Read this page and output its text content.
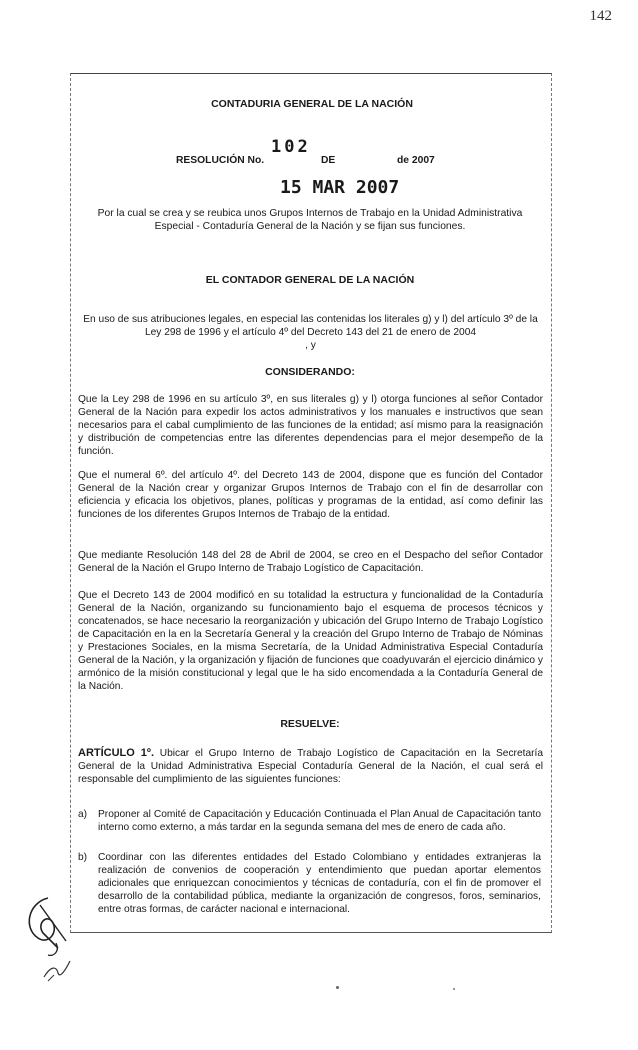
142
CONTADURIA GENERAL DE LA NACIÓN
102
RESOLUCIÓN No.	DE	de 2007
15 MAR 2007
Por la cual se crea y se reubica unos Grupos Internos de Trabajo en la Unidad Administrativa Especial - Contaduría General de la Nación y se fijan sus funciones.
EL CONTADOR GENERAL DE LA NACIÓN
En uso de sus atribuciones legales, en especial las contenidas los literales g) y l) del artículo 3º de la Ley 298 de 1996 y el artículo 4º del Decreto 143 del 21 de enero de 2004
, y
CONSIDERANDO:
Que la Ley 298 de 1996 en su artículo 3º, en sus literales g) y l) otorga funciones al señor Contador General de la Nación para expedir los actos administrativos y los manuales e instructivos que sean necesarios para el cabal cumplimiento de las funciones de la entidad; así mismo para la reasignación y distribución de competencias entre las diferentes dependencias para el mejor desempeño de la función.
Que el numeral 6º. del artículo 4º. del Decreto 143 de 2004, dispone que es función del Contador General de la Nación crear y organizar Grupos Internos de Trabajo con el fin de desarrollar con eficiencia y eficacia los objetivos, planes, políticas y programas de la entidad, así como definir las funciones de los diferentes Grupos Internos de Trabajo de la entidad.
Que mediante Resolución 148 del 28 de Abril de 2004, se creo en el Despacho del señor Contador General de la Nación el Grupo Interno de Trabajo Logístico de Capacitación.
Que el Decreto 143 de 2004 modificó en su totalidad la estructura y funcionalidad de la Contaduría General de la Nación, organizando su funcionamiento bajo el esquema de procesos técnicos y concatenados, se hace necesario la reorganización y ubicación del Grupo Interno de Trabajo Logístico de Capacitación en la en la Secretaría General y la creación del Grupo Interno de Trabajo de Nóminas y Prestaciones Sociales, en la misma Secretaría, de la Unidad Administrativa Especial Contaduría General de la Nación, y la organización y fijación de funciones que coadyuvarán el ejercicio dinámico y armónico de la misión constitucional y legal que le ha sido encomendada a la Contaduría General de la Nación.
RESUELVE:
ARTÍCULO 1º. Ubicar el Grupo Interno de Trabajo Logístico de Capacitación en la Secretaría General de la Unidad Administrativa Especial Contaduría General de la Nación, el cual será el responsable del cumplimiento de las siguientes funciones:
a) Proponer al Comité de Capacitación y Educación Continuada el Plan Anual de Capacitación tanto interno como externo, a más tardar en la segunda semana del mes de enero de cada año.
b) Coordinar con las diferentes entidades del Estado Colombiano y entidades extranjeras la realización de convenios de cooperación y entendimiento que puedan aportar elementos adicionales que enriquezcan conocimientos y técnicas de contaduría, con el fin de promover el desarrollo de la contabilidad pública, mediante la organización de congresos, foros, seminarios, entre otras formas, de carácter nacional e internacional.
